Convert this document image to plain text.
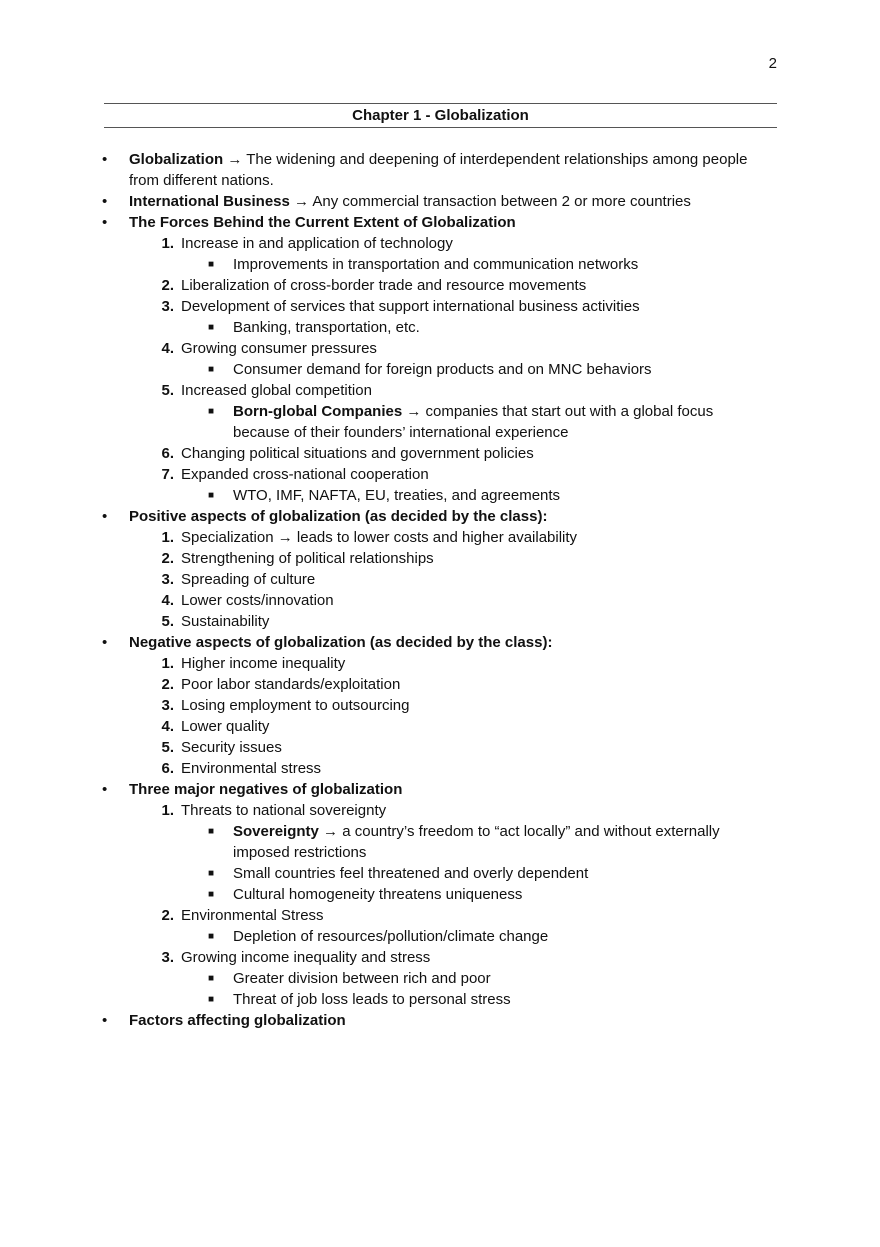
2
Chapter 1 - Globalization
• Globalization → The widening and deepening of interdependent relationships among people from different nations.
• International Business → Any commercial transaction between 2 or more countries
• The Forces Behind the Current Extent of Globalization
1. Increase in and application of technology
■ Improvements in transportation and communication networks
2. Liberalization of cross-border trade and resource movements
3. Development of services that support international business activities
■ Banking, transportation, etc.
4. Growing consumer pressures
■ Consumer demand for foreign products and on MNC behaviors
5. Increased global competition
■ Born-global Companies → companies that start out with a global focus because of their founders’ international experience
6. Changing political situations and government policies
7. Expanded cross-national cooperation
■ WTO, IMF, NAFTA, EU, treaties, and agreements
• Positive aspects of globalization (as decided by the class):
1. Specialization → leads to lower costs and higher availability
2. Strengthening of political relationships
3. Spreading of culture
4. Lower costs/innovation
5. Sustainability
• Negative aspects of globalization (as decided by the class):
1. Higher income inequality
2. Poor labor standards/exploitation
3. Losing employment to outsourcing
4. Lower quality
5. Security issues
6. Environmental stress
• Three major negatives of globalization
1. Threats to national sovereignty
■ Sovereignty → a country’s freedom to “act locally” and without externally imposed restrictions
■ Small countries feel threatened and overly dependent
■ Cultural homogeneity threatens uniqueness
2. Environmental Stress
■ Depletion of resources/pollution/climate change
3. Growing income inequality and stress
■ Greater division between rich and poor
■ Threat of job loss leads to personal stress
• Factors affecting globalization
